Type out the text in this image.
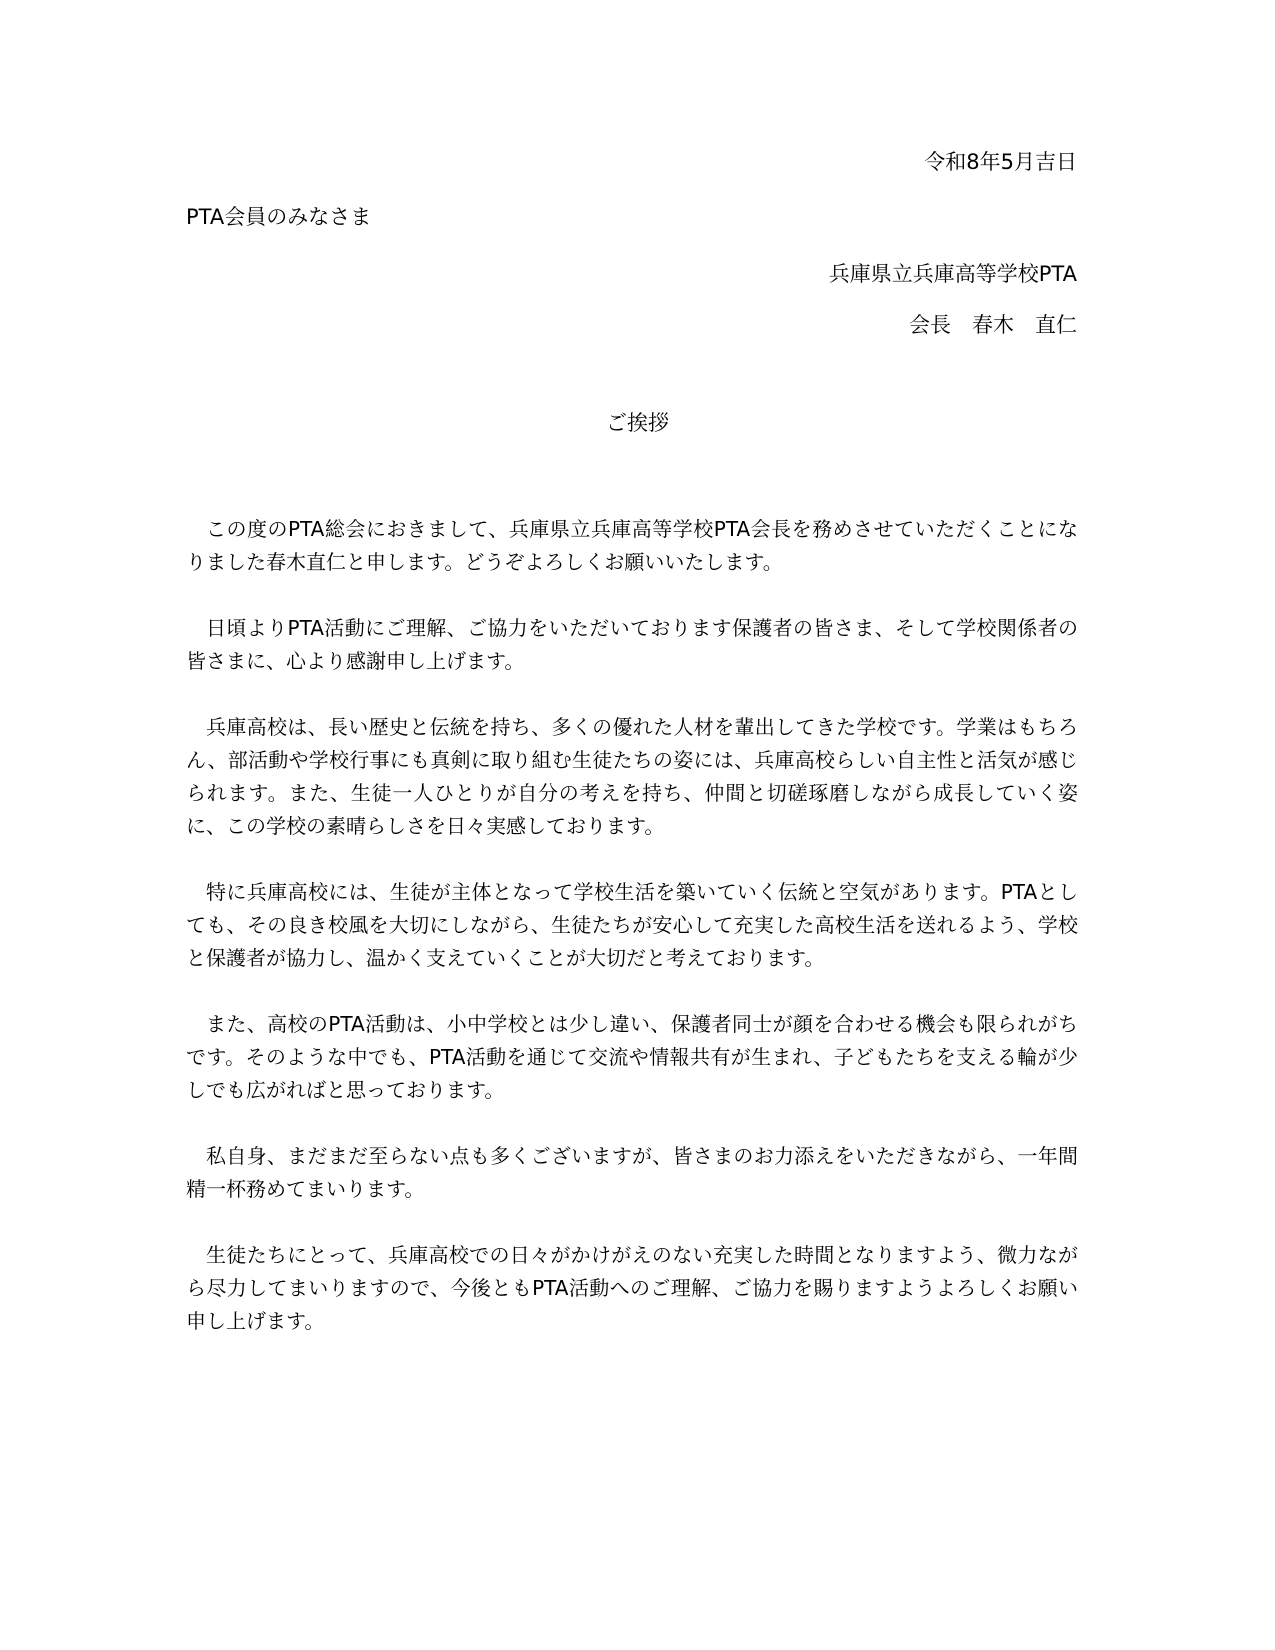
令和8年5月吉日
PTA会員のみなさま
兵庫県立兵庫高等学校PTA
会長　春木　直仁
ご挨拶

この度のPTA総会におきまして、兵庫県立兵庫高等学校PTA会長を務めさせていただくことになりました春木直仁と申します。どうぞよろしくお願いいたします。

日頃よりPTA活動にご理解、ご協力をいただいております保護者の皆さま、そして学校関係者の皆さまに、心より感謝申し上げます。

兵庫高校は、長い歴史と伝統を持ち、多くの優れた人材を輩出してきた学校です。学業はもちろん、部活動や学校行事にも真剣に取り組む生徒たちの姿には、兵庫高校らしい自主性と活気が感じられます。また、生徒一人ひとりが自分の考えを持ち、仲間と切磋琢磨しながら成長していく姿に、この学校の素晴らしさを日々実感しております。

特に兵庫高校には、生徒が主体となって学校生活を築いていく伝統と空気があります。PTAとしても、その良き校風を大切にしながら、生徒たちが安心して充実した高校生活を送れるよう、学校と保護者が協力し、温かく支えていくことが大切だと考えております。

また、高校のPTA活動は、小中学校とは少し違い、保護者同士が顔を合わせる機会も限られがちです。そのような中でも、PTA活動を通じて交流や情報共有が生まれ、子どもたちを支える輪が少しでも広がればと思っております。

私自身、まだまだ至らない点も多くございますが、皆さまのお力添えをいただきながら、一年間精一杯務めてまいります。

生徒たちにとって、兵庫高校での日々がかけがえのない充実した時間となりますよう、微力ながら尽力してまいりますので、今後ともPTA活動へのご理解、ご協力を賜りますようよろしくお願い申し上げます。
